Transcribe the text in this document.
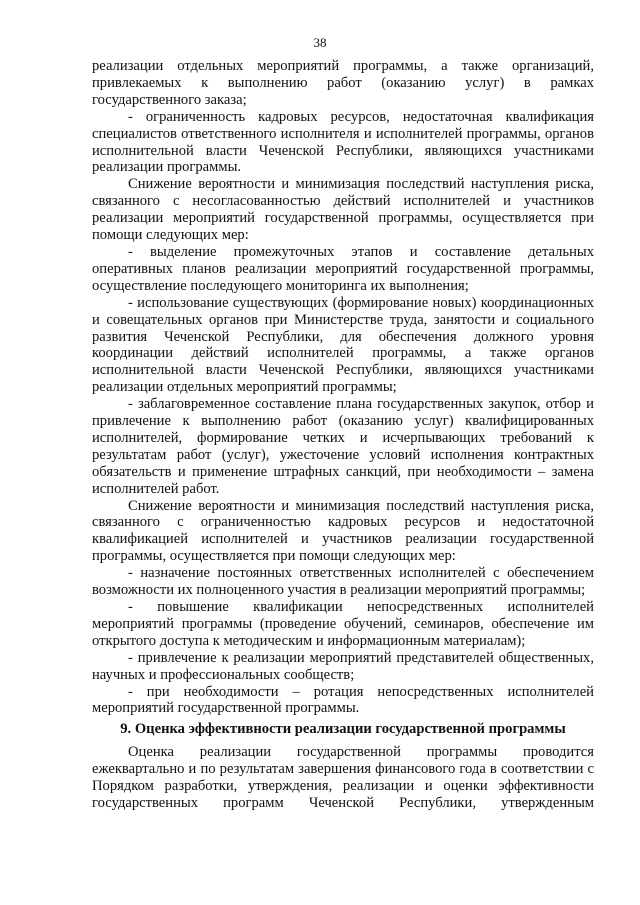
38

реализации отдельных мероприятий программы, а также организаций, привлекаемых к выполнению работ (оказанию услуг) в рамках государственного заказа;

- ограниченность кадровых ресурсов, недостаточная квалификация специалистов ответственного исполнителя и исполнителей программы, органов исполнительной власти Чеченской Республики, являющихся участниками реализации программы.

Снижение вероятности и минимизация последствий наступления риска, связанного с несогласованностью действий исполнителей и участников реализации мероприятий государственной программы, осуществляется при помощи следующих мер:

- выделение промежуточных этапов и составление детальных оперативных планов реализации мероприятий государственной программы, осуществление последующего мониторинга их выполнения;

- использование существующих (формирование новых) координационных и совещательных органов при Министерстве труда, занятости и социального развития Чеченской Республики, для обеспечения должного уровня координации действий исполнителей программы, а также органов исполнительной власти Чеченской Республики, являющихся участниками реализации отдельных мероприятий программы;

- заблаговременное составление плана государственных закупок, отбор и привлечение к выполнению работ (оказанию услуг) квалифицированных исполнителей, формирование четких и исчерпывающих требований к результатам работ (услуг), ужесточение условий исполнения контрактных обязательств и применение штрафных санкций, при необходимости – замена исполнителей работ.

Снижение вероятности и минимизация последствий наступления риска, связанного с ограниченностью кадровых ресурсов и недостаточной квалификацией исполнителей и участников реализации государственной программы, осуществляется при помощи следующих мер:

- назначение постоянных ответственных исполнителей с обеспечением возможности их полноценного участия в реализации мероприятий программы;

- повышение квалификации непосредственных исполнителей мероприятий программы (проведение обучений, семинаров, обеспечение им открытого доступа к методическим и информационным материалам);

- привлечение к реализации мероприятий представителей общественных, научных и профессиональных сообществ;

- при необходимости – ротация непосредственных исполнителей мероприятий государственной программы.

9. Оценка эффективности реализации государственной программы

Оценка реализации государственной программы проводится ежеквартально и по результатам завершения финансового года в соответствии с Порядком разработки, утверждения, реализации и оценки эффективности государственных программ Чеченской Республики, утвержденным
